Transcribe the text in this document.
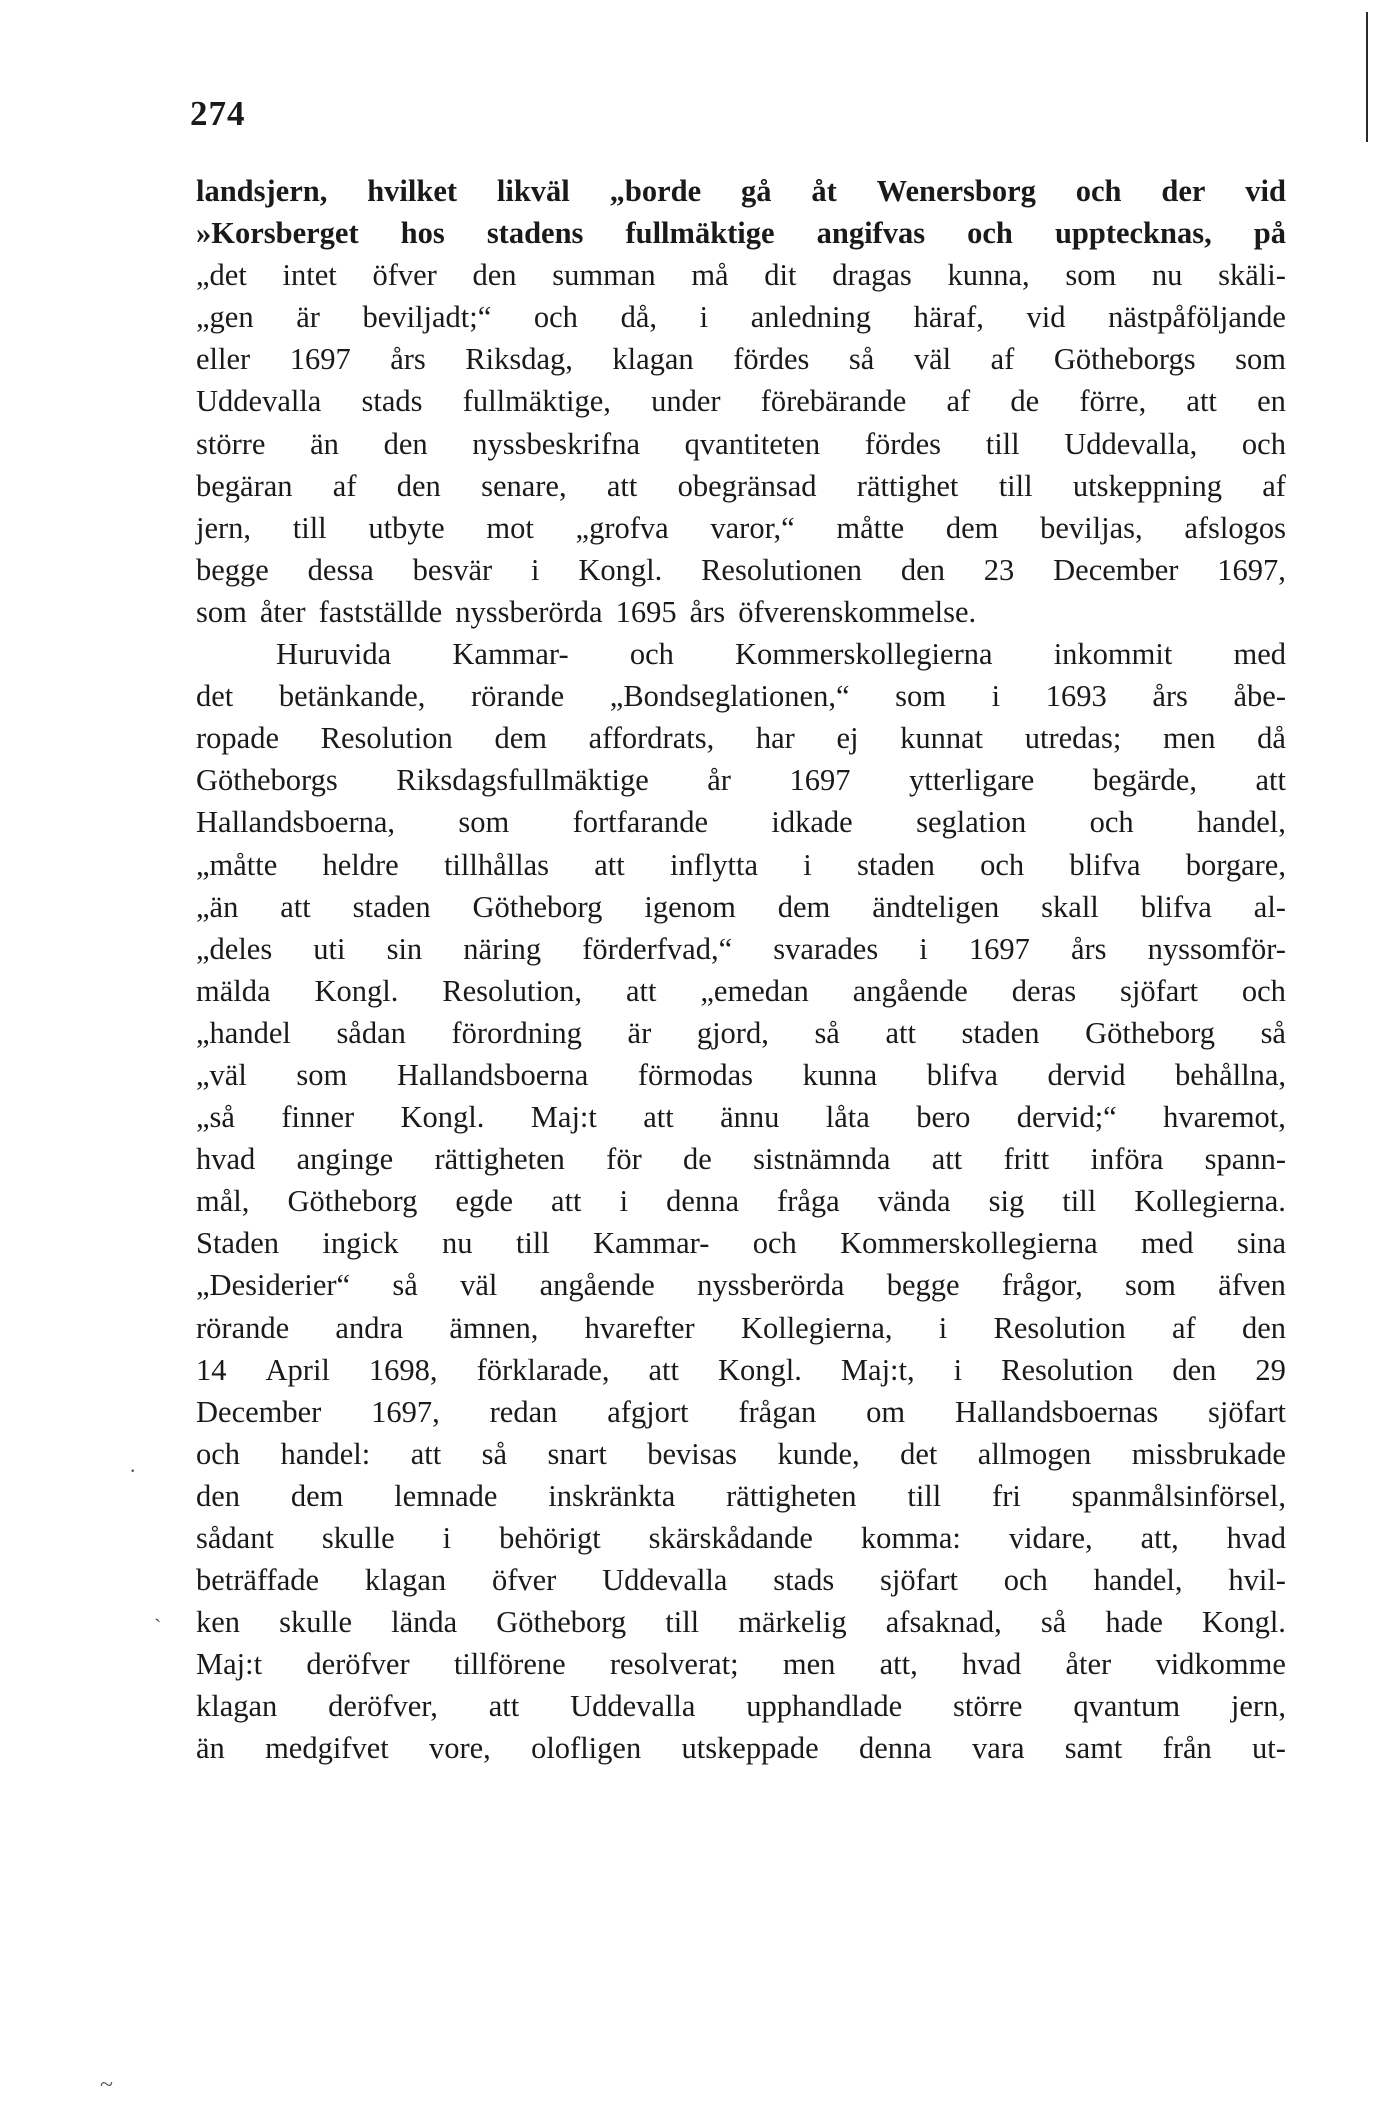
274
landsjern, hvilket likväl „borde gå åt Wenersborg och der vid
»Korsberget hos stadens fullmäktige angifvas och upptecknas, på
„det intet öfver den summan må dit dragas kunna, som nu skäli-
„gen är beviljadt;“ och då, i anledning häraf, vid nästpåföljande
eller 1697 års Riksdag, klagan fördes så väl af Götheborgs som
Uddevalla stads fullmäktige, under förebärande af de förre, att en
större än den nyssbeskrifna qvantiteten fördes till Uddevalla, och
begäran af den senare, att obegränsad rättighet till utskeppning af
jern, till utbyte mot „grofva varor,“ måtte dem beviljas, afslogos
begge dessa besvär i Kongl. Resolutionen den 23 December 1697,
som åter fastställde nyssberörda 1695 års öfverenskommelse.
Huruvida Kammar- och Kommerskollegierna inkommit med
det betänkande, rörande „Bondseglationen,“ som i 1693 års åbe-
ropade Resolution dem affordrats, har ej kunnat utredas; men då
Götheborgs Riksdagsfullmäktige år 1697 ytterligare begärde, att
Hallandsboerna, som fortfarande idkade seglation och handel,
„måtte heldre tillhållas att inflytta i staden och blifva borgare,
„än att staden Götheborg igenom dem ändteligen skall blifva al-
„deles uti sin näring förderfvad,“ svarades i 1697 års nyssomför-
mälda Kongl. Resolution, att „emedan angående deras sjöfart och
„handel sådan förordning är gjord, så att staden Götheborg så
„väl som Hallandsboerna förmodas kunna blifva dervid behållna,
„så finner Kongl. Maj:t att ännu låta bero dervid;“ hvaremot,
hvad anginge rättigheten för de sistnämnda att fritt införa spann-
mål, Götheborg egde att i denna fråga vända sig till Kollegierna.
Staden ingick nu till Kammar- och Kommerskollegierna med sina
„Desiderier“ så väl angående nyssberörda begge frågor, som äfven
rörande andra ämnen, hvarefter Kollegierna, i Resolution af den
14 April 1698, förklarade, att Kongl. Maj:t, i Resolution den 29
December 1697, redan afgjort frågan om Hallandsboernas sjöfart
och handel: att så snart bevisas kunde, det allmogen missbrukade
den dem lemnade inskränkta rättigheten till fri spanmålsinförsel,
sådant skulle i behörigt skärskådande komma: vidare, att, hvad
beträffade klagan öfver Uddevalla stads sjöfart och handel, hvil-
ken skulle lända Götheborg till märkelig afsaknad, så hade Kongl.
Maj:t deröfver tillförene resolverat; men att, hvad åter vidkomme
klagan deröfver, att Uddevalla upphandlade större qvantum jern,
än medgifvet vore, olofligen utskeppade denna vara samt från ut-
.
`
~
